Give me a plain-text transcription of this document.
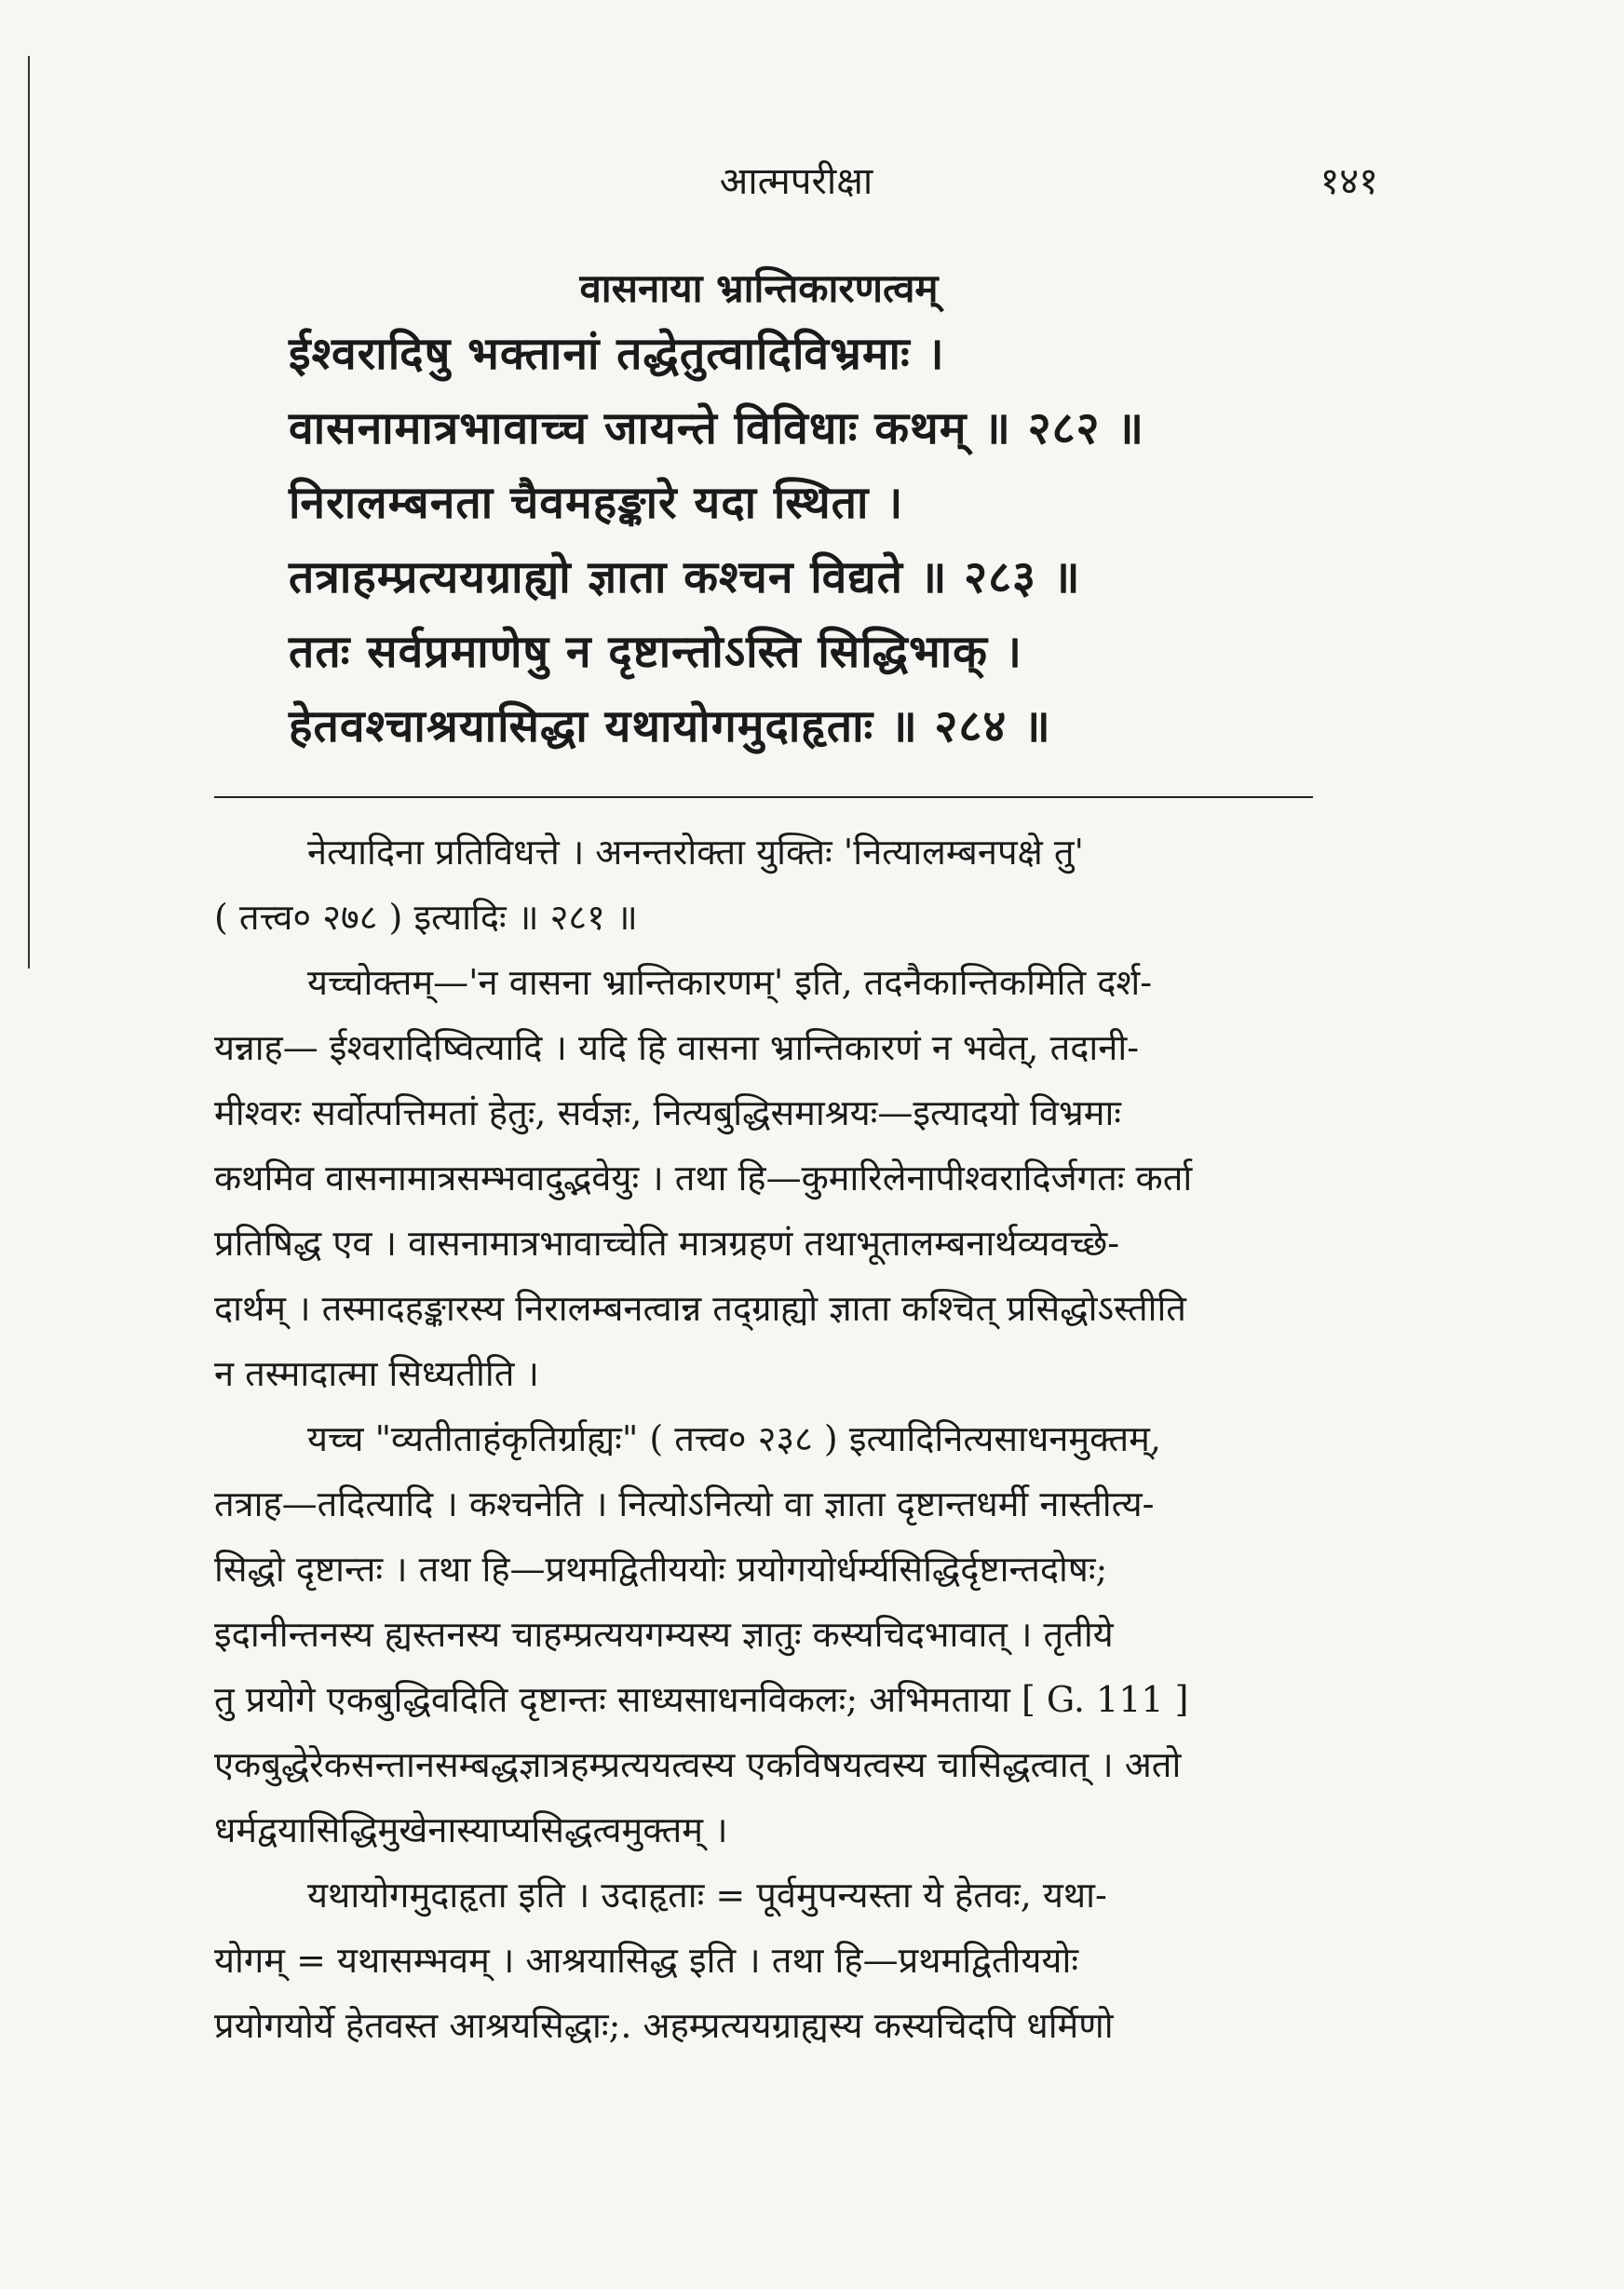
आत्मपरीक्षा	१४१
वासनाया भ्रान्तिकारणत्वम्
ईश्वरादिषु भक्तानां तद्धेतुत्वादिविभ्रमाः ।
वासनामात्रभावाच्च जायन्ते विविधाः कथम् ॥ २८२ ॥
निरालम्बनता चैवमहङ्कारे यदा स्थिता ।
तत्राहम्प्रत्ययग्राह्यो ज्ञाता कश्चन विद्यते ॥ २८३ ॥
ततः सर्वप्रमाणेषु न दृष्टान्तोऽस्ति सिद्धिभाक् ।
हेतवश्चाश्रयासिद्धा यथायोगमुदाहृताः ॥ २८४ ॥
नेत्यादिना प्रतिविधत्ते । अनन्तरोक्ता युक्तिः 'नित्यालम्बनपक्षे तु'
( तत्त्व० २७८ ) इत्यादिः ॥ २८१ ॥
यच्चोक्तम्—'न वासना भ्रान्तिकारणम्' इति, तदनैकान्तिकमिति दर्श-
यन्नाह— ईश्वरादिष्वित्यादि । यदि हि वासना भ्रान्तिकारणं न भवेत्, तदानी-
मीश्वरः सर्वोत्पत्तिमतां हेतुः, सर्वज्ञः, नित्यबुद्धिसमाश्रयः—इत्यादयो विभ्रमाः
कथमिव वासनामात्रसम्भवादुद्भवेयुः । तथा हि—कुमारिलेनापीश्वरादिर्जगतः कर्ता
प्रतिषिद्ध एव । वासनामात्रभावाच्चेति मात्रग्रहणं तथाभूतालम्बनार्थव्यवच्छे-
दार्थम् । तस्मादहङ्कारस्य निरालम्बनत्वान्न तद्ग्राह्यो ज्ञाता कश्चित् प्रसिद्धोऽस्तीति
न तस्मादात्मा सिध्यतीति ।
यच्च "व्यतीताहंकृतिर्ग्राह्यः" ( तत्त्व० २३८ ) इत्यादिनित्यसाधनमुक्तम्,
तत्राह—तदित्यादि । कश्चनेति । नित्योऽनित्यो वा ज्ञाता दृष्टान्तधर्मी नास्तीत्य-
सिद्धो दृष्टान्तः । तथा हि—प्रथमद्वितीययोः प्रयोगयोर्धर्म्यसिद्धिर्दृष्टान्तदोषः;
इदानीन्तनस्य ह्यस्तनस्य चाहम्प्रत्ययगम्यस्य ज्ञातुः कस्यचिदभावात् । तृतीये
तु प्रयोगे एकबुद्धिवदिति दृष्टान्तः साध्यसाधनविकलः; अभिमताया [ G. 111 ]
एकबुद्धेरेकसन्तानसम्बद्धज्ञात्रहम्प्रत्ययत्वस्य एकविषयत्वस्य चासिद्धत्वात् । अतो
धर्मद्वयासिद्धिमुखेनास्याप्यसिद्धत्वमुक्तम् ।
यथायोगमुदाहृता इति । उदाहृताः = पूर्वमुपन्यस्ता ये हेतवः, यथा-
योगम् = यथासम्भवम् । आश्रयासिद्ध इति । तथा हि—प्रथमद्वितीययोः
प्रयोगयोर्ये हेतवस्त आश्रयसिद्धाः;. अहम्प्रत्ययग्राह्यस्य कस्यचिदपि धर्मिणो
